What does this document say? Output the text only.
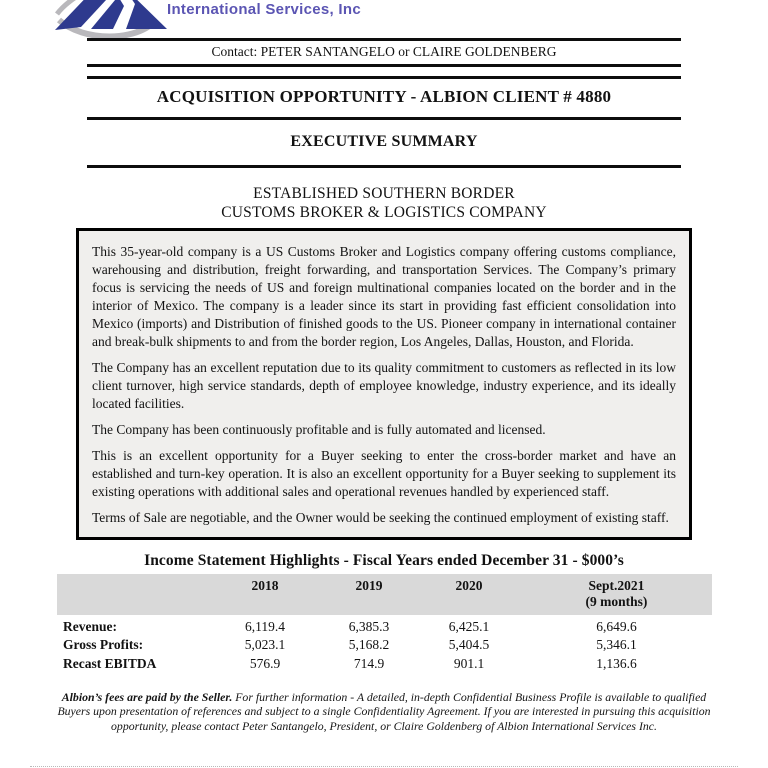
International Services, Inc
Contact: PETER SANTANGELO or CLAIRE GOLDENBERG
ACQUISITION OPPORTUNITY - ALBION CLIENT # 4880
EXECUTIVE SUMMARY
ESTABLISHED SOUTHERN BORDER
CUSTOMS BROKER & LOGISTICS COMPANY

This 35-year-old company is a US Customs Broker and Logistics company offering customs compliance, warehousing and distribution, freight forwarding, and transportation Services. The Company’s primary focus is servicing the needs of US and foreign multinational companies located on the border and in the interior of Mexico. The company is a leader since its start in providing fast efficient consolidation into Mexico (imports) and Distribution of finished goods to the US. Pioneer company in international container and break-bulk shipments to and from the border region, Los Angeles, Dallas, Houston, and Florida.

The Company has an excellent reputation due to its quality commitment to customers as reflected in its low client turnover, high service standards, depth of employee knowledge, industry experience, and its ideally located facilities.

The Company has been continuously profitable and is fully automated and licensed.

This is an excellent opportunity for a Buyer seeking to enter the cross-border market and have an established and turn-key operation. It is also an excellent opportunity for a Buyer seeking to supplement its existing operations with additional sales and operational revenues handled by experienced staff.

Terms of Sale are negotiable, and the Owner would be seeking the continued employment of existing staff.

Income Statement Highlights - Fiscal Years ended December 31 - $000’s
	2018	2019	2020	Sept.2021
(9 months)

Revenue:	6,119.4	6,385.3	6,425.1	6,649.6
Gross Profits:	5,023.1	5,168.2	5,404.5	5,346.1
Recast EBITDA	576.9	714.9	901.1	1,136.6
Albion’s fees are paid by the Seller. For further information - A detailed, in-depth Confidential Business Profile is available to qualified Buyers upon presentation of references and subject to a single Confidentiality Agreement. If you are interested in pursuing this acquisition opportunity, please contact Peter Santangelo, President, or Claire Goldenberg of Albion International Services Inc.
